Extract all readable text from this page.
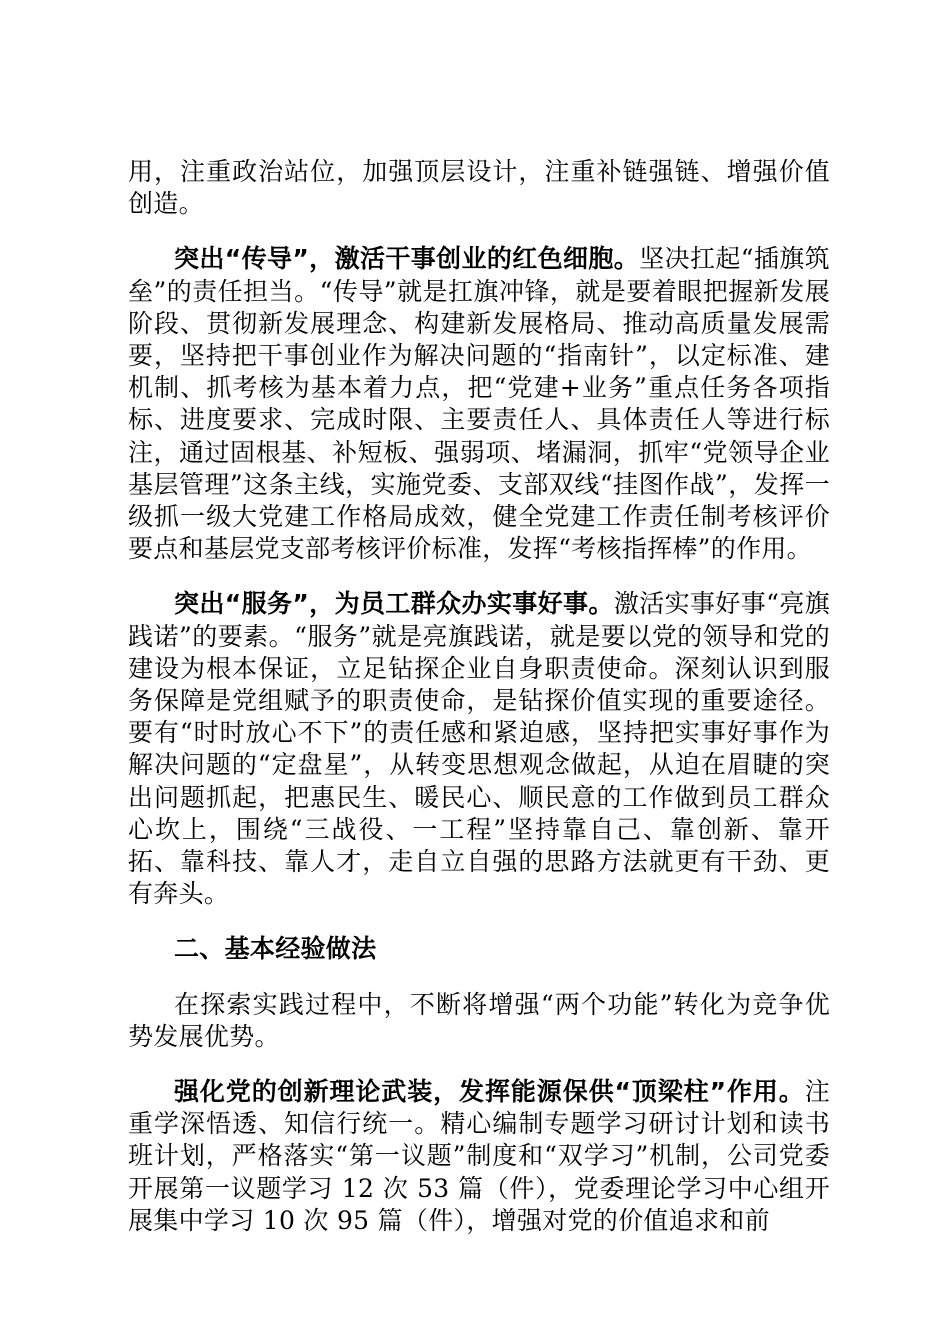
用，注重政治站位，加强顶层设计，注重补链强链、增强价值创造。

突出“传导”，激活干事创业的红色细胞。坚决扛起“插旗筑垒”的责任担当。“传导”就是扛旗冲锋，就是要着眼把握新发展阶段、贯彻新发展理念、构建新发展格局、推动高质量发展需要，坚持把干事创业作为解决问题的“指南针”，以定标准、建机制、抓考核为基本着力点，把“党建+业务”重点任务各项指标、进度要求、完成时限、主要责任人、具体责任人等进行标注，通过固根基、补短板、强弱项、堵漏洞，抓牢“党领导企业基层管理”这条主线，实施党委、支部双线“挂图作战”，发挥一级抓一级大党建工作格局成效，健全党建工作责任制考核评价要点和基层党支部考核评价标准，发挥“考核指挥棒”的作用。

突出“服务”，为员工群众办实事好事。激活实事好事“亮旗践诺”的要素。“服务”就是亮旗践诺，就是要以党的领导和党的建设为根本保证，立足钻探企业自身职责使命。深刻认识到服务保障是党组赋予的职责使命，是钻探价值实现的重要途径。要有“时时放心不下”的责任感和紧迫感，坚持把实事好事作为解决问题的“定盘星”，从转变思想观念做起，从迫在眉睫的突出问题抓起，把惠民生、暖民心、顺民意的工作做到员工群众心坎上，围绕“三战役、一工程”坚持靠自己、靠创新、靠开拓、靠科技、靠人才，走自立自强的思路方法就更有干劲、更有奔头。

二、基本经验做法

在探索实践过程中，不断将增强“两个功能”转化为竞争优势发展优势。

强化党的创新理论武装，发挥能源保供“顶梁柱”作用。注重学深悟透、知信行统一。精心编制专题学习研讨计划和读书班计划，严格落实“第一议题”制度和“双学习”机制，公司党委开展第一议题学习 12 次 53 篇（件），党委理论学习中心组开展集中学习 10 次 95 篇（件），增强对党的价值追求和前
